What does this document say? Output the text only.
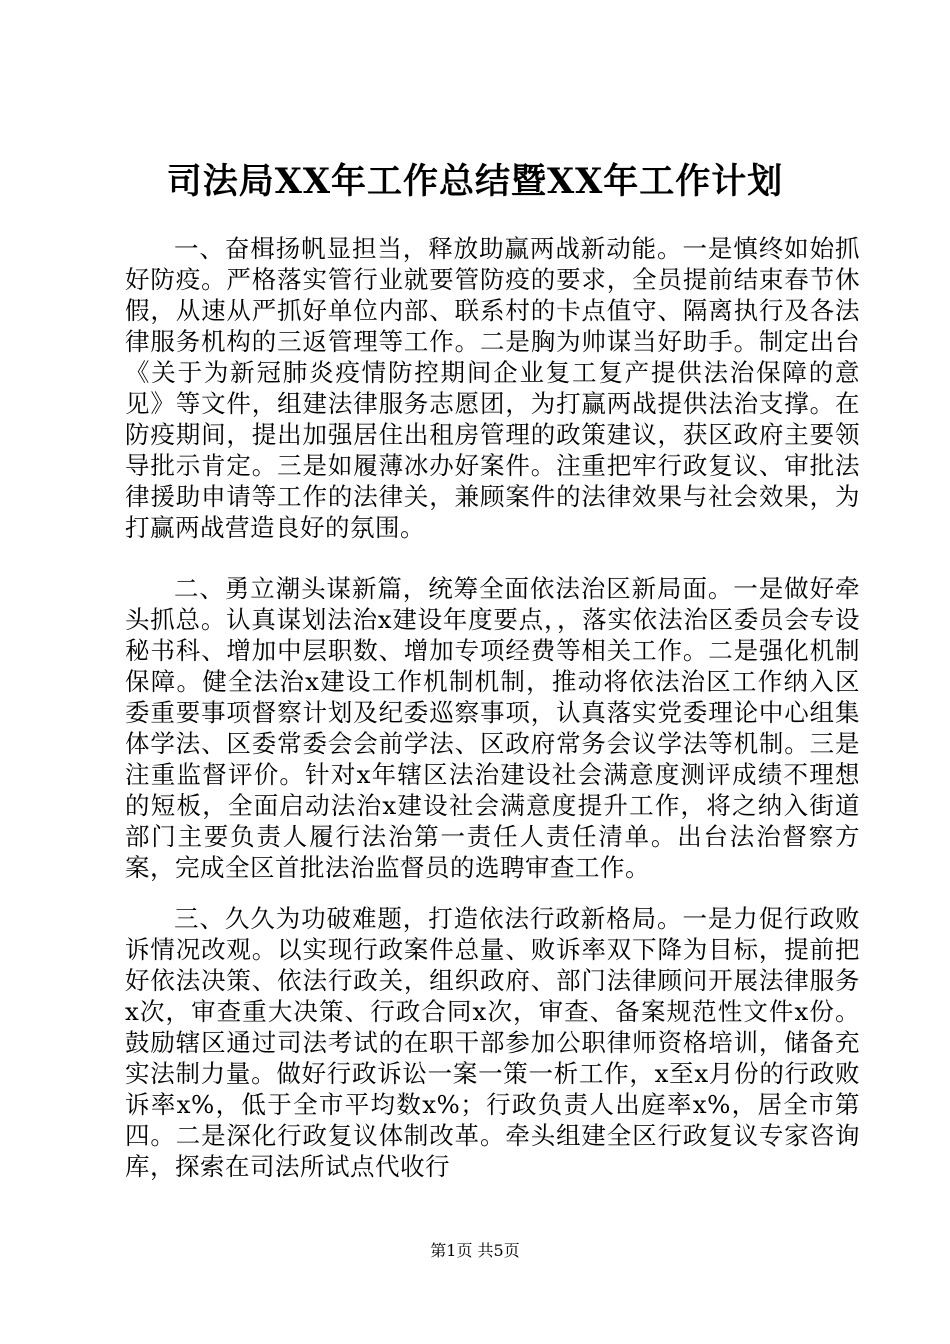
司法局XX年工作总结暨XX年工作计划

一、奋楫扬帆显担当，释放助赢两战新动能。一是慎终如始抓好防疫。严格落实管行业就要管防疫的要求，全员提前结束春节休假，从速从严抓好单位内部、联系村的卡点值守、隔离执行及各法律服务机构的三返管理等工作。二是胸为帅谋当好助手。制定出台《关于为新冠肺炎疫情防控期间企业复工复产提供法治保障的意见》等文件，组建法律服务志愿团，为打赢两战提供法治支撑。在防疫期间，提出加强居住出租房管理的政策建议，获区政府主要领导批示肯定。三是如履薄冰办好案件。注重把牢行政复议、审批法律援助申请等工作的法律关，兼顾案件的法律效果与社会效果，为打赢两战营造良好的氛围。

二、勇立潮头谋新篇，统筹全面依法治区新局面。一是做好牵头抓总。认真谋划法治x建设年度要点，，落实依法治区委员会专设秘书科、增加中层职数、增加专项经费等相关工作。二是强化机制保障。健全法治x建设工作机制机制，推动将依法治区工作纳入区委重要事项督察计划及纪委巡察事项，认真落实党委理论中心组集体学法、区委常委会会前学法、区政府常务会议学法等机制。三是注重监督评价。针对x年辖区法治建设社会满意度测评成绩不理想的短板，全面启动法治x建设社会满意度提升工作，将之纳入街道部门主要负责人履行法治第一责任人责任清单。出台法治督察方案，完成全区首批法治监督员的选聘审查工作。

三、久久为功破难题，打造依法行政新格局。一是力促行政败诉情况改观。以实现行政案件总量、败诉率双下降为目标，提前把好依法决策、依法行政关，组织政府、部门法律顾问开展法律服务x次，审查重大决策、行政合同x次，审查、备案规范性文件x份。鼓励辖区通过司法考试的在职干部参加公职律师资格培训，储备充实法制力量。做好行政诉讼一案一策一析工作，x至x月份的行政败诉率x%，低于全市平均数x%；行政负责人出庭率x%，居全市第四。二是深化行政复议体制改革。牵头组建全区行政复议专家咨询库，探索在司法所试点代收行

第1页 共5页
